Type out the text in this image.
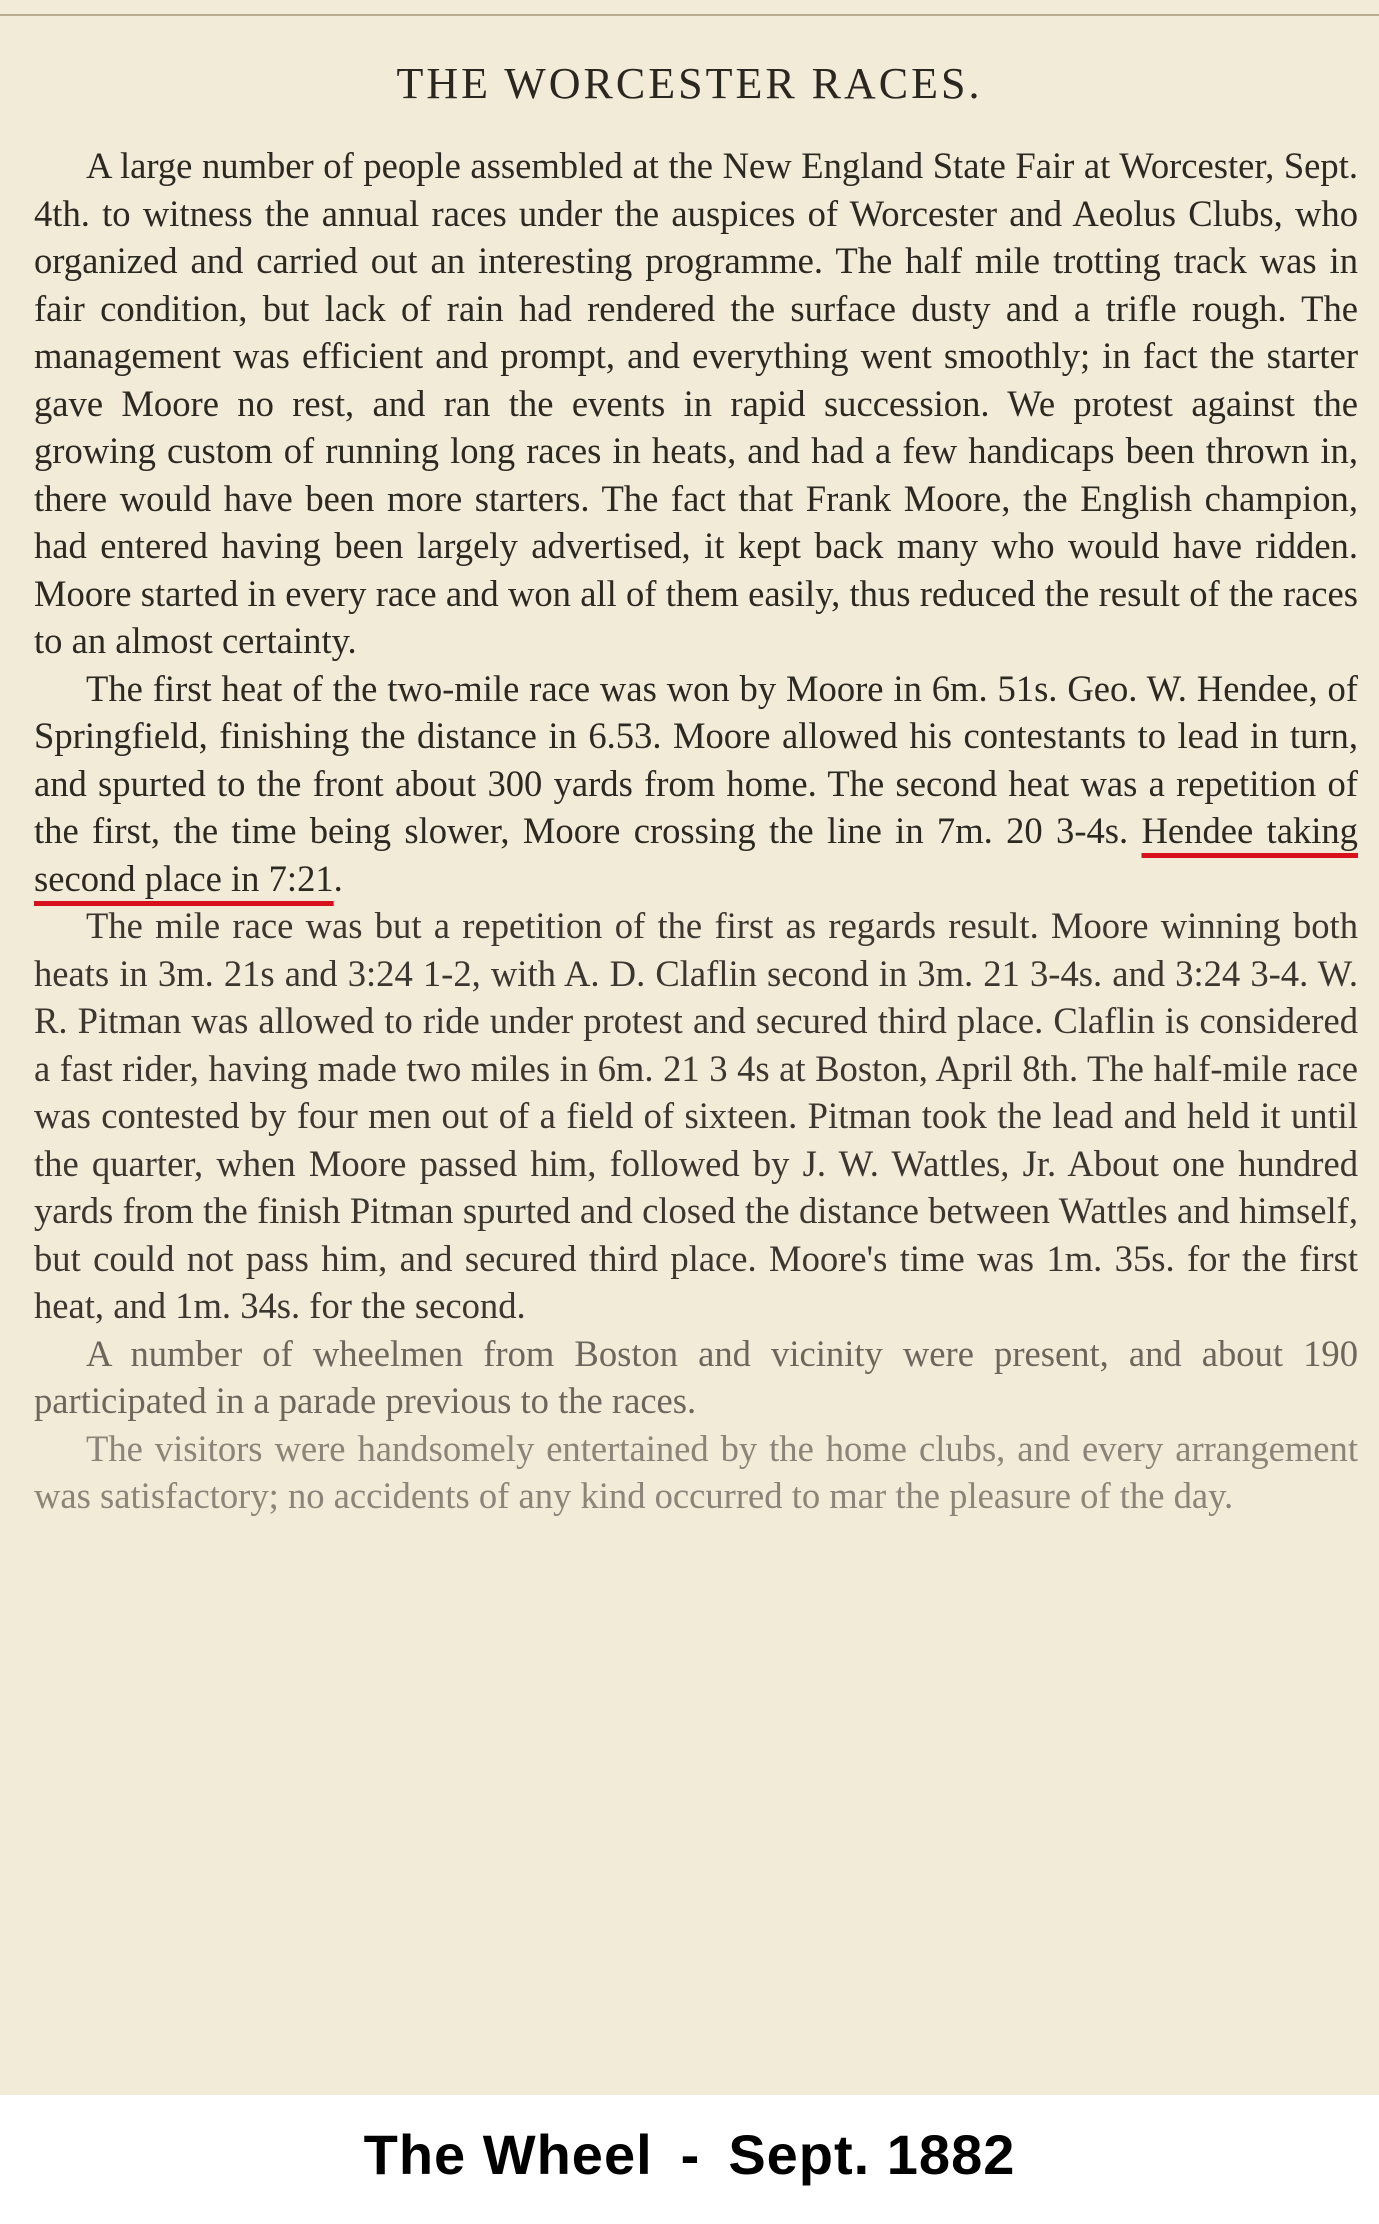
THE WORCESTER RACES.

A large number of people assembled at the New England State Fair at Worcester, Sept. 4th. to witness the annual races under the auspices of Worcester and Aeolus Clubs, who organized and carried out an interesting programme. The half mile trotting track was in fair condition, but lack of rain had rendered the surface dusty and a trifle rough. The management was efficient and prompt, and everything went smoothly; in fact the starter gave Moore no rest, and ran the events in rapid succession. We protest against the growing custom of running long races in heats, and had a few handicaps been thrown in, there would have been more starters. The fact that Frank Moore, the English champion, had entered having been largely advertised, it kept back many who would have ridden. Moore started in every race and won all of them easily, thus reduced the result of the races to an almost certainty.

The first heat of the two-mile race was won by Moore in 6m. 51s. Geo. W. Hendee, of Springfield, finishing the distance in 6.53. Moore allowed his contestants to lead in turn, and spurted to the front about 300 yards from home. The second heat was a repetition of the first, the time being slower, Moore crossing the line in 7m. 20 3-4s. Hendee taking second place in 7:21.

The mile race was but a repetition of the first as regards result. Moore winning both heats in 3m. 21s and 3:24 1-2, with A. D. Claflin second in 3m. 21 3-4s. and 3:24 3-4. W. R. Pitman was allowed to ride under protest and secured third place. Claflin is considered a fast rider, having made two miles in 6m. 21 3 4s at Boston, April 8th. The half-mile race was contested by four men out of a field of sixteen. Pitman took the lead and held it until the quarter, when Moore passed him, followed by J. W. Wattles, Jr. About one hundred yards from the finish Pitman spurted and closed the distance between Wattles and himself, but could not pass him, and secured third place. Moore's time was 1m. 35s. for the first heat, and 1m. 34s. for the second.

A number of wheelmen from Boston and vicinity were present, and about 190 participated in a parade previous to the races.

The visitors were handsomely entertained by the home clubs, and every arrangement was satisfactory; no accidents of any kind occurred to mar the pleasure of the day.

The Wheel - Sept. 1882
